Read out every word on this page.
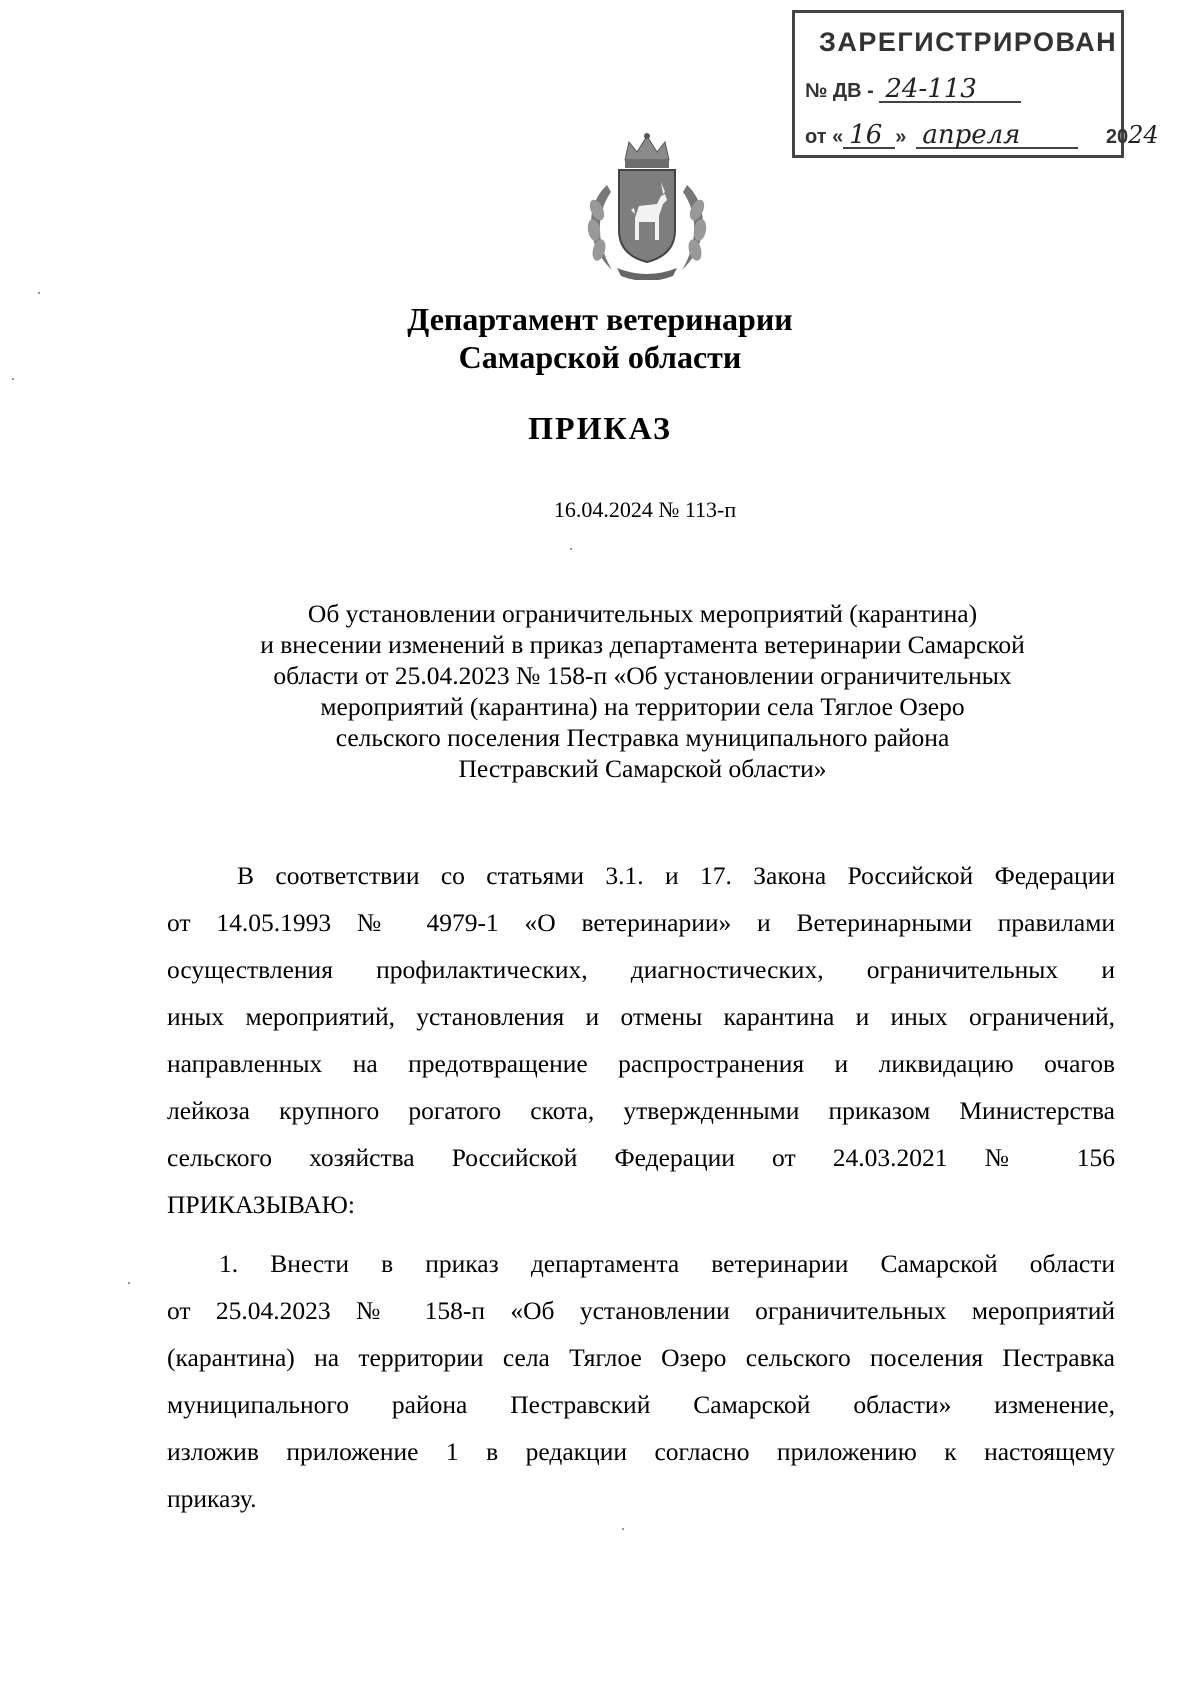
ЗАРЕГИСТРИРОВАН
№ ДВ - 24-113
от « 16 » апреля	2024
Департамент ветеринарии
Самарской области
ПРИКАЗ
16.04.2024 № 113-п
Об установлении ограничительных мероприятий (карантина)
и внесении изменений в приказ департамента ветеринарии Самарской
области от 25.04.2023 № 158-п «Об установлении ограничительных
мероприятий (карантина) на территории села Тяглое Озеро
сельского поселения Пестравка муниципального района
Пестравский Самарской области»
В соответствии со статьями 3.1. и 17. Закона Российской Федерации
от 14.05.1993 № 4979-1 «О ветеринарии» и Ветеринарными правилами
осуществления профилактических, диагностических, ограничительных и
иных мероприятий, установления и отмены карантина и иных ограничений,
направленных на предотвращение распространения и ликвидацию очагов
лейкоза крупного рогатого скота, утвержденными приказом Министерства
сельского хозяйства Российской Федерации от 24.03.2021 № 156
ПРИКАЗЫВАЮ:
1. Внести в приказ департамента ветеринарии Самарской области
от 25.04.2023 № 158-п «Об установлении ограничительных мероприятий
(карантина) на территории села Тяглое Озеро сельского поселения Пестравка
муниципального района Пестравский Самарской области» изменение,
изложив приложение 1 в редакции согласно приложению к настоящему
приказу.
